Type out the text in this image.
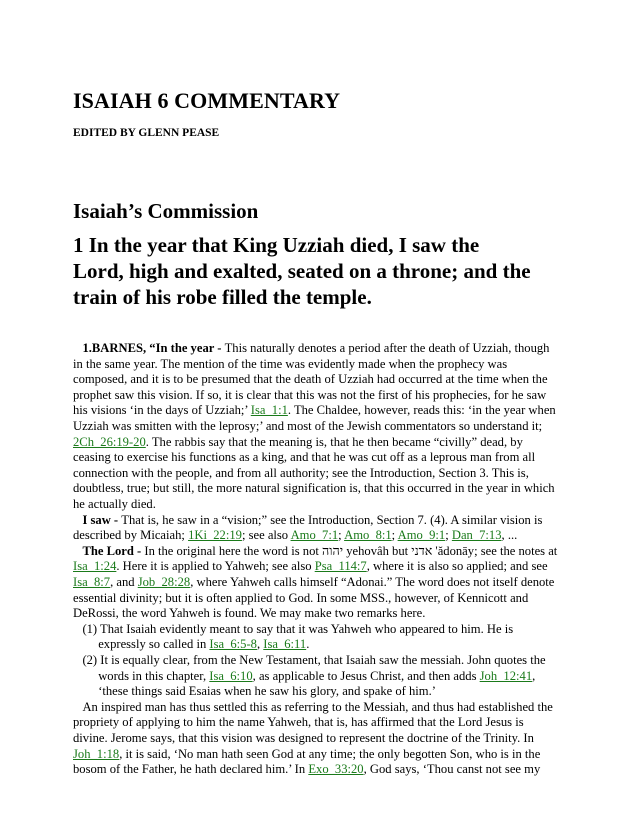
ISAIAH 6 COMMENTARY
EDITED BY GLENN PEASE
Isaiah’s Commission
1 In the year that King Uzziah died, I saw the
Lord, high and exalted, seated on a throne; and the
train of his robe filled the temple.
1.BARNES, “In the year - This naturally denotes a period after the death of Uzziah, though
in the same year. The mention of the time was evidently made when the prophecy was
composed, and it is to be presumed that the death of Uzziah had occurred at the time when the
prophet saw this vision. If so, it is clear that this was not the first of his prophecies, for he saw
his visions ‘in the days of Uzziah;’ Isa_1:1. The Chaldee, however, reads this: ‘in the year when
Uzziah was smitten with the leprosy;’ and most of the Jewish commentators so understand it;
2Ch_26:19-20. The rabbis say that the meaning is, that he then became “civilly” dead, by
ceasing to exercise his functions as a king, and that he was cut off as a leprous man from all
connection with the people, and from all authority; see the Introduction, Section 3. This is,
doubtless, true; but still, the more natural signification is, that this occurred in the year in which
he actually died.
I saw - That is, he saw in a “vision;” see the Introduction, Section 7. (4). A similar vision is
described by Micaiah; 1Ki_22:19; see also Amo_7:1; Amo_8:1; Amo_9:1; Dan_7:13, ...
The Lord - In the original here the word is not יהוה yehovâh but אדני 'ădonāy; see the notes at
Isa_1:24. Here it is applied to Yahweh; see also Psa_114:7, where it is also so applied; and see
Isa_8:7, and Job_28:28, where Yahweh calls himself “Adonai.” The word does not itself denote
essential divinity; but it is often applied to God. In some MSS., however, of Kennicott and
DeRossi, the word Yahweh is found. We may make two remarks here.
(1) That Isaiah evidently meant to say that it was Yahweh who appeared to him. He is
expressly so called in Isa_6:5-8, Isa_6:11.
(2) It is equally clear, from the New Testament, that Isaiah saw the messiah. John quotes the
words in this chapter, Isa_6:10, as applicable to Jesus Christ, and then adds Joh_12:41,
‘these things said Esaias when he saw his glory, and spake of him.’
An inspired man has thus settled this as referring to the Messiah, and thus had established the
propriety of applying to him the name Yahweh, that is, has affirmed that the Lord Jesus is
divine. Jerome says, that this vision was designed to represent the doctrine of the Trinity. In
Joh_1:18, it is said, ‘No man hath seen God at any time; the only begotten Son, who is in the
bosom of the Father, he hath declared him.’ In Exo_33:20, God says, ‘Thou canst not see my
